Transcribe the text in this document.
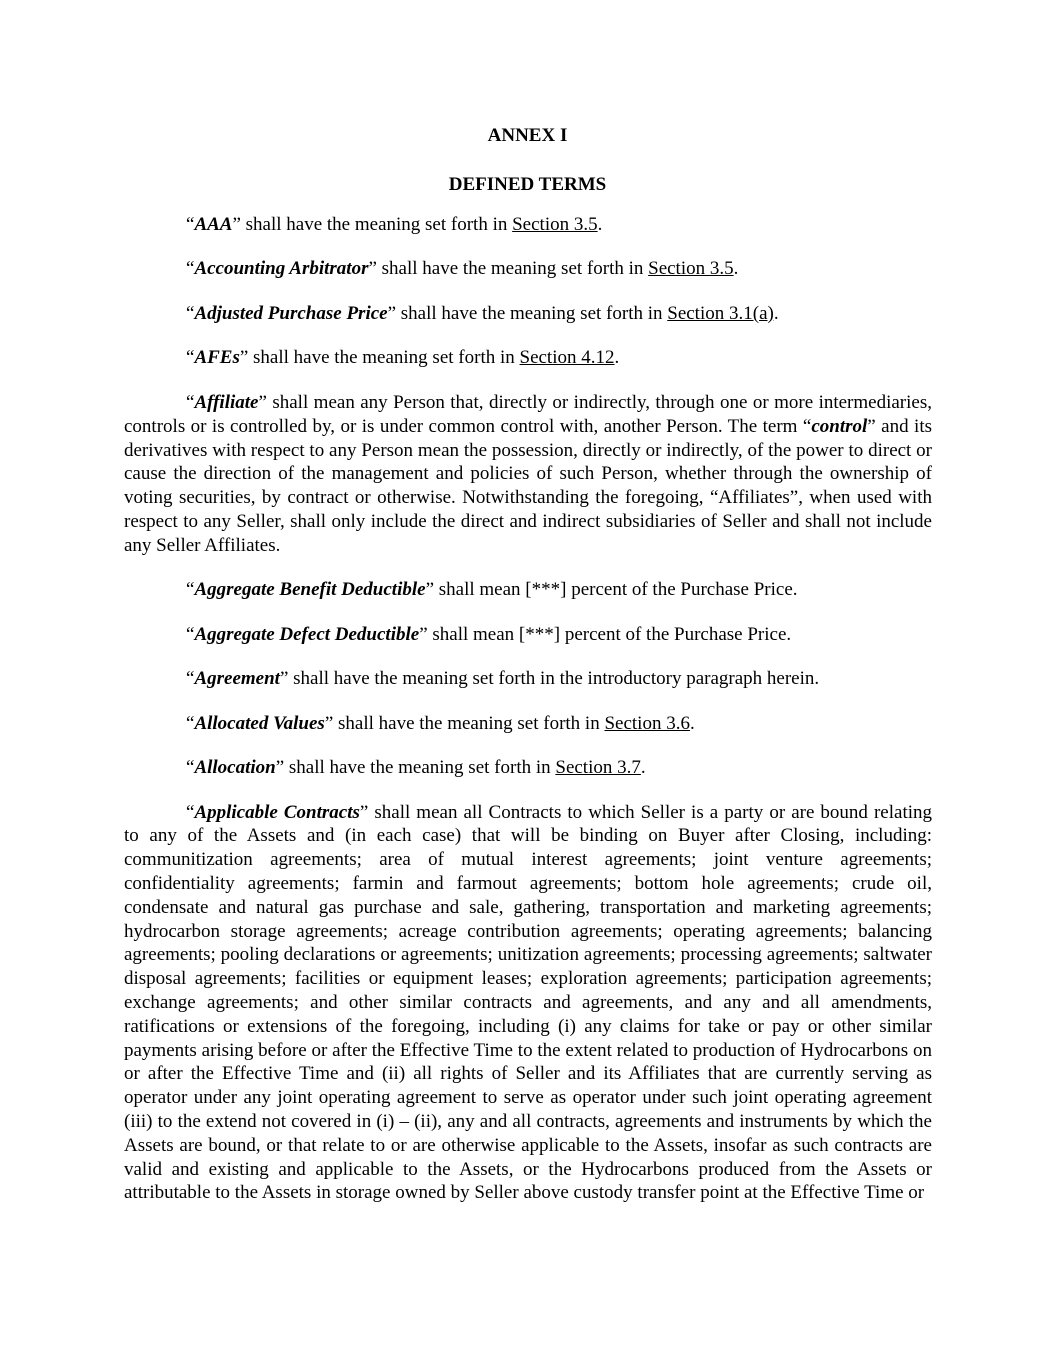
ANNEX I

DEFINED TERMS

“AAA” shall have the meaning set forth in Section 3.5.

“Accounting Arbitrator” shall have the meaning set forth in Section 3.5.

“Adjusted Purchase Price” shall have the meaning set forth in Section 3.1(a).

“AFEs” shall have the meaning set forth in Section 4.12.

“Affiliate” shall mean any Person that, directly or indirectly, through one or more intermediaries, controls or is controlled by, or is under common control with, another Person. The term “control” and its derivatives with respect to any Person mean the possession, directly or indirectly, of the power to direct or cause the direction of the management and policies of such Person, whether through the ownership of voting securities, by contract or otherwise. Notwithstanding the foregoing, “Affiliates”, when used with respect to any Seller, shall only include the direct and indirect subsidiaries of Seller and shall not include any Seller Affiliates.

“Aggregate Benefit Deductible” shall mean [***] percent of the Purchase Price.

“Aggregate Defect Deductible” shall mean [***] percent of the Purchase Price.

“Agreement” shall have the meaning set forth in the introductory paragraph herein.

“Allocated Values” shall have the meaning set forth in Section 3.6.

“Allocation” shall have the meaning set forth in Section 3.7.

“Applicable Contracts” shall mean all Contracts to which Seller is a party or are bound relating to any of the Assets and (in each case) that will be binding on Buyer after Closing, including: communitization agreements; area of mutual interest agreements; joint venture agreements; confidentiality agreements; farmin and farmout agreements; bottom hole agreements; crude oil, condensate and natural gas purchase and sale, gathering, transportation and marketing agreements; hydrocarbon storage agreements; acreage contribution agreements; operating agreements; balancing agreements; pooling declarations or agreements; unitization agreements; processing agreements; saltwater disposal agreements; facilities or equipment leases; exploration agreements; participation agreements; exchange agreements; and other similar contracts and agreements, and any and all amendments, ratifications or extensions of the foregoing, including (i) any claims for take or pay or other similar payments arising before or after the Effective Time to the extent related to production of Hydrocarbons on or after the Effective Time and (ii) all rights of Seller and its Affiliates that are currently serving as operator under any joint operating agreement to serve as operator under such joint operating agreement (iii) to the extend not covered in (i) – (ii), any and all contracts, agreements and instruments by which the Assets are bound, or that relate to or are otherwise applicable to the Assets, insofar as such contracts are valid and existing and applicable to the Assets, or the Hydrocarbons produced from the Assets or attributable to the Assets in storage owned by Seller above custody transfer point at the Effective Time or
